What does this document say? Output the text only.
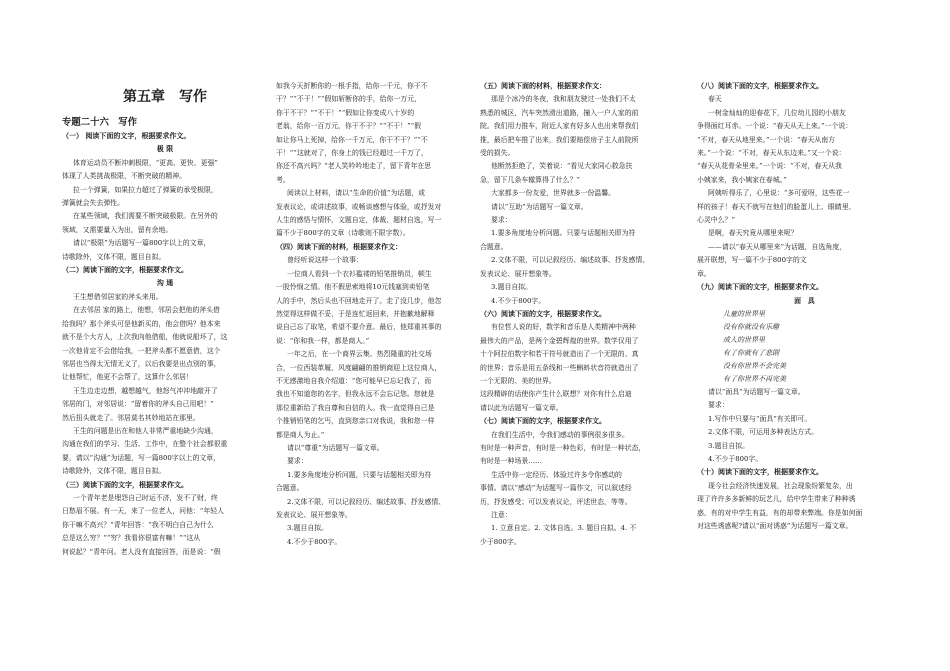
第五章　写作
专题二十六　写作
（一） 阅读下面的文字，根据要求作文。
极 限
体育运动员不断冲刺极限，“更高、更快、更强”
体现了人类挑战极限，不断突破的精神。
拉一个弹簧，如果拉力超过了弹簧的承受极限，
弹簧就会失去弹性。
在某些领域，我们需要不断突破极限。在另外的
领域，又需要量入为出，留有余地。
请以“极限”为话题写一篇800字以上的文章，
诗歌除外，文体不限，题目自拟。
（二）阅读下面的文字，根据要求作文。
沟 通
王生想借邻居家的斧头来用。
在去邻居 家的路上，他想，邻居会把他的斧头借
给我吗？那个斧头可是他新买的，他会借吗？他本来
就不是个大方人，上次我向他借船，他就说船坏了，这
一次他肯定不会借给我，一把斧头都不愿意借，这个
邻居也当得太无情无义了，以后我要是出点别的事，
让他帮忙，他更不会帮了，这算什么邻居！
王生边走边想，越想越气，他怒气冲冲地敲开了
邻居的门，对邻居说：“留着你的斧头自己用吧！”
然后扭头就走了。邻居莫名其妙地站在那里。
王生的问题是出在和他人非常严重地缺少沟通，
沟通在我们的学习、生活、工作中，在整个社会都很重
要，请以“沟通”为话题，写一篇800字以上的文章，
诗歌除外，文体不限，题目自拟。
（三）阅读下面的文字，根据要求作文。
一个青年老是埋怨自己时运不济，发不了财，终
日愁眉不展。有一天，来了一位老人，问他：“年轻人
你干嘛不高兴？”青年回答：“我不明白自己为什么
总是这么穷？”“穷？我看你很富有嘛！”“这从
何说起？”青年问。老人没有直接回答，而是说：“假
如我今天折断你的一根手指，给你一千元，你干不
干？”“不干！”“假如斩断你的手，给你一万元，
你干不干？”“不干！”“假如让你变成八十岁的
老翁，给你一百万元，你干不干？”“不干！”“假
如让你马上死掉，给你一千万元，你干不干？”“不
干！”“这就对了，你身上的钱已经超过一千万了，
你还不高兴吗？”老人笑吟吟地走了，留下青年在思
考。
阅读以上材料，请以“生命的价值”为话题，或
发表议论，或讲述故事，或畅谈感想与体验，或抒发对
人生的感悟与情怀，文题自定，体裁、题材自选，写一
篇不少于800字的文章（诗歌则不限字数）。
（四）阅读下面的材料，根据要求作文：
曾经听说这样一个故事：
一位商人看到一个衣衫褴褛的铅笔推销员，顿生
一股怜悯之情。他不假思索地将10元钱塞到卖铅笔
人的手中，然后头也不回地走开了。走了没几步，他忽
然觉得这样做不妥，于是连忙返回来，并抱歉地解释
说自己忘了取笔，希望不要介意。最后，他郑重其事的
说：“你和我一样，都是商人。”
一年之后，在一个商界云集、热烈隆重的社交场
合，一位西装革履、风度翩翩的推销商迎上这位商人，
不无感激地自我介绍道：“您可能早已忘记我了，而
我也不知道您的名字，但我永远不会忘记您。您就是
那位重新给了我自尊和自信的人。我一直觉得自己是
个推销铅笔的乞丐，直到您亲口对我说，我和您一样
都是商人为止。”
请以“尊重”为话题写一篇文章。
要求：
1.要多角度地分析问题，只要与话题相关即为符
合题意。
2.文体不限，可以记叙经历、编述故事、抒发感情、
发表议论、展开想象等。
3.题目自拟。
4.不少于800字。
（五）阅读下面的材料，根据要求作文：
那是个冰冷的冬夜，我和朋友驶过一处我们不太
熟悉的城区，汽车突然滑出道路，撞入一户人家的前
院。我们用力推车，附近人家有好多人也出来帮我们
推，最后把车推了出来，我们要赔偿房子主人前院所
受的损失。
他断然拒绝了，笑着说：“看见大家同心救急扶
急，留下几条车辙算得了什么？”
大家都多一份友爱，世界就多一份温馨。
请以“互助”为话题写一篇文章。
要求：
1.要多角度地分析问题。只要与话题相关即为符
合题意。
2.文体不限，可以记叙经历、编述故事、抒发感情、
发表议论、展开想象等。
3.题目自拟。
4.不少于800字。
（六）阅读下面的文字，根据要求作文。
有位哲人说的好，数学和音乐是人类精神中两种
最伟大的产品，是两个金碧辉煌的世界。数学仅用了
十个阿拉伯数字和若干符号就造出了一个无限的、真
的世界；音乐是用五条线和一些蝌蚪状音符就造出了
一个无限的、美的世界。
这段精辟的话使你产生什么联想？对你有什么启迪
请以此为话题写一篇文章。
（七）阅读下面的文字，根据要求作文。
在我们生活中，令我们感动的事例很多很多。
有时是一种声音，有时是一种色彩，有时是一种状态，
有时是一种场景……
生活中你一定经历、体验过许多令你感动的
事情。请以“感动”为话题写一篇作文，可以叙述经
历，抒发感受；可以发表议论，评述世态，等等。
注意：
1. 立意自定。2. 文体自选。3. 题目自拟。4. 不
少于800字。
（八）阅读下面的文字，根据要求作文。
春天
一树金灿灿的迎春花下，几位幼儿园的小朋友
争得面红耳赤。一个说：“春天从天上来。”一个说：
“不对，春天从地里来。”一个说：“春天从南方
来。”一个说：“不对，春天从东边来。”又一个说：
“春天从花骨朵里来。”一个说：“不对，春天从我
小姨家来，我小姨家在春城。”
阿姨听得乐了，心里说：“多可爱呀，这些花一
样的孩子！春天不就写在他们的脸蛋儿上、眼睛里、
心灵中么？”
是啊，春天究竟从哪里来呢？
——请以“春天从哪里来”为话题，自选角度，
展开联想，写一篇不少于800字的文
章。
（九）阅读下面的文字，根据要求作文。
面　具
儿童的世界里
没有你就没有乐趣
成人的世界里
有了你就有了悲剧
没有你世界不会完美
有了你世界不再完美
请以“面具”为话题写一篇文章。
要求：
1.写作中只要与“面具”有关即可。
2.文体不限，可运用多种表达方式。
3.题目自拟。
4.不少于800字。
（十）阅读下面的文字，根据要求作文。
现今社会经济快速发展，社会现象纷繁复杂，出
现了许许多多新鲜的玩艺儿，给中学生带来了种种诱
惑，有的对中学生有益，有的却带来弊端。你是如何面
对这些诱惑呢?请以“面对诱惑”为话题写一篇文章。
